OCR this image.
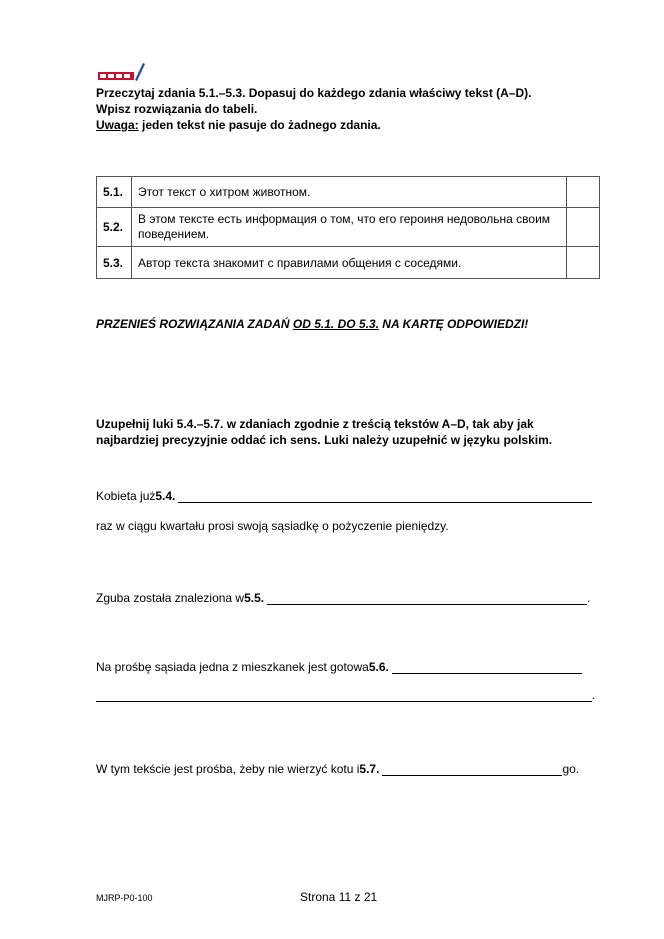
Przeczytaj zdania 5.1.–5.3. Dopasuj do każdego zdania właściwy tekst (A–D).
Wpisz rozwiązania do tabeli.
Uwaga: jeden tekst nie pasuje do żadnego zdania.
5.1.	Этот текст о хитром животном.	
5.2.	В этом тексте есть информация о том, что его героиня недовольна своим поведением.	
5.3.	Автор текста знакомит с правилами общения с соседями.	
PRZENIEŚ ROZWIĄZANIA ZADAŃ OD 5.1. DO 5.3. NA KARTĘ ODPOWIEDZI!
Uzupełnij luki 5.4.–5.7. w zdaniach zgodnie z treścią tekstów A–D, tak aby jak
najbardziej precyzyjnie oddać ich sens. Luki należy uzupełnić w języku polskim.
Kobieta już 5.4.
raz w ciągu kwartału prosi swoją sąsiadkę o pożyczenie pieniędzy.
Zguba została znaleziona w 5.5.	.
Na prośbę sąsiada jedna z mieszkanek jest gotowa 5.6.
.
W tym tekście jest prośba, żeby nie wierzyć kotu i 5.7.	go.
MJRP-P0-100	Strona 11 z 21
